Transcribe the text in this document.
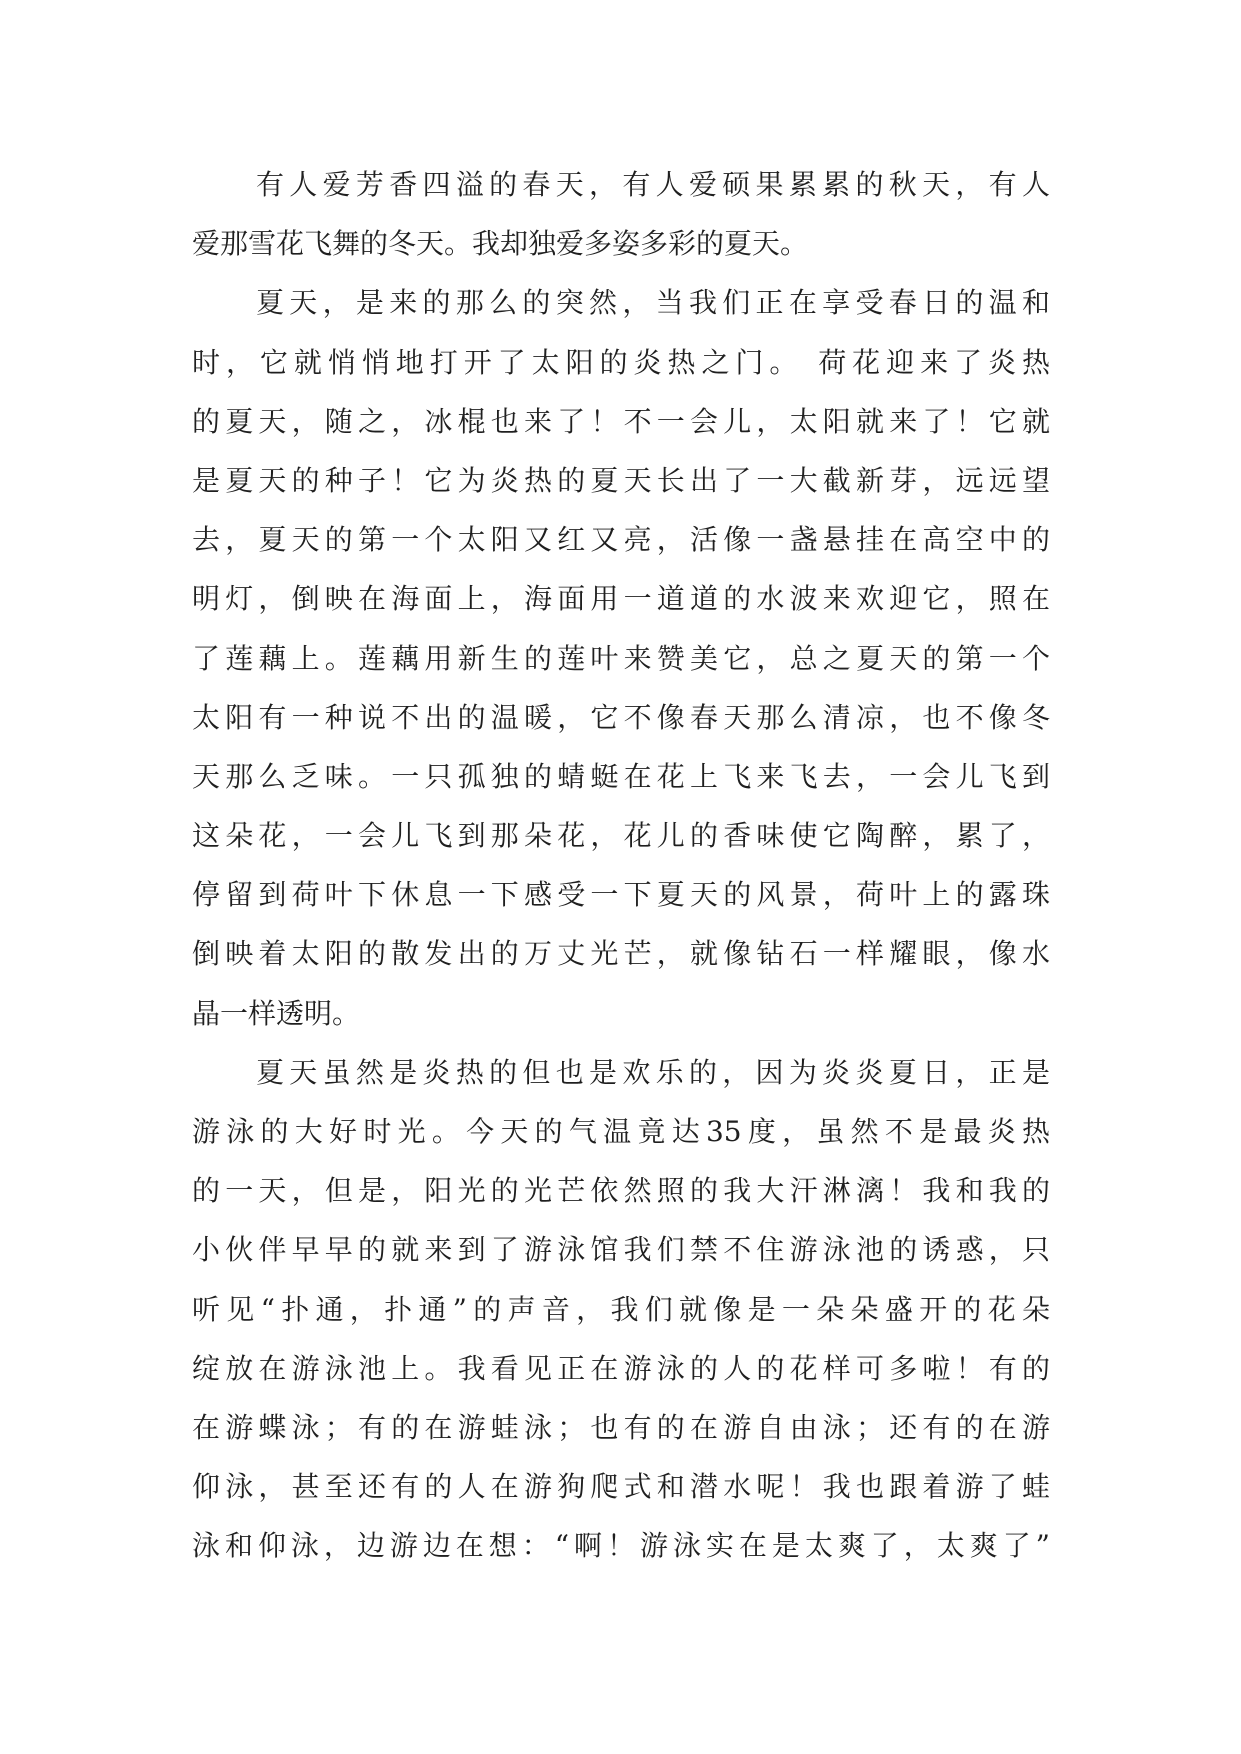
有人爱芳香四溢的春天，有人爱硕果累累的秋天，有人
爱那雪花飞舞的冬天。我却独爱多姿多彩的夏天。
夏天，是来的那么的突然，当我们正在享受春日的温和
时，它就悄悄地打开了太阳的炎热之门。 荷花迎来了炎热
的夏天，随之，冰棍也来了！不一会儿，太阳就来了！它就
是夏天的种子！它为炎热的夏天长出了一大截新芽，远远望
去，夏天的第一个太阳又红又亮，活像一盏悬挂在高空中的
明灯，倒映在海面上，海面用一道道的水波来欢迎它，照在
了莲藕上。莲藕用新生的莲叶来赞美它，总之夏天的第一个
太阳有一种说不出的温暖，它不像春天那么清凉，也不像冬
天那么乏味。一只孤独的蜻蜓在花上飞来飞去，一会儿飞到
这朵花，一会儿飞到那朵花，花儿的香味使它陶醉，累了，
停留到荷叶下休息一下感受一下夏天的风景，荷叶上的露珠
倒映着太阳的散发出的万丈光芒，就像钻石一样耀眼，像水
晶一样透明。
夏天虽然是炎热的但也是欢乐的，因为炎炎夏日，正是
游泳的大好时光。今天的气温竟达35度，虽然不是最炎热
的一天，但是，阳光的光芒依然照的我大汗淋漓！我和我的
小伙伴早早的就来到了游泳馆我们禁不住游泳池的诱惑，只
听见“扑通，扑通”的声音，我们就像是一朵朵盛开的花朵
绽放在游泳池上。我看见正在游泳的人的花样可多啦！有的
在游蝶泳；有的在游蛙泳；也有的在游自由泳；还有的在游
仰泳，甚至还有的人在游狗爬式和潜水呢！我也跟着游了蛙
泳和仰泳，边游边在想：“啊！游泳实在是太爽了，太爽了”
